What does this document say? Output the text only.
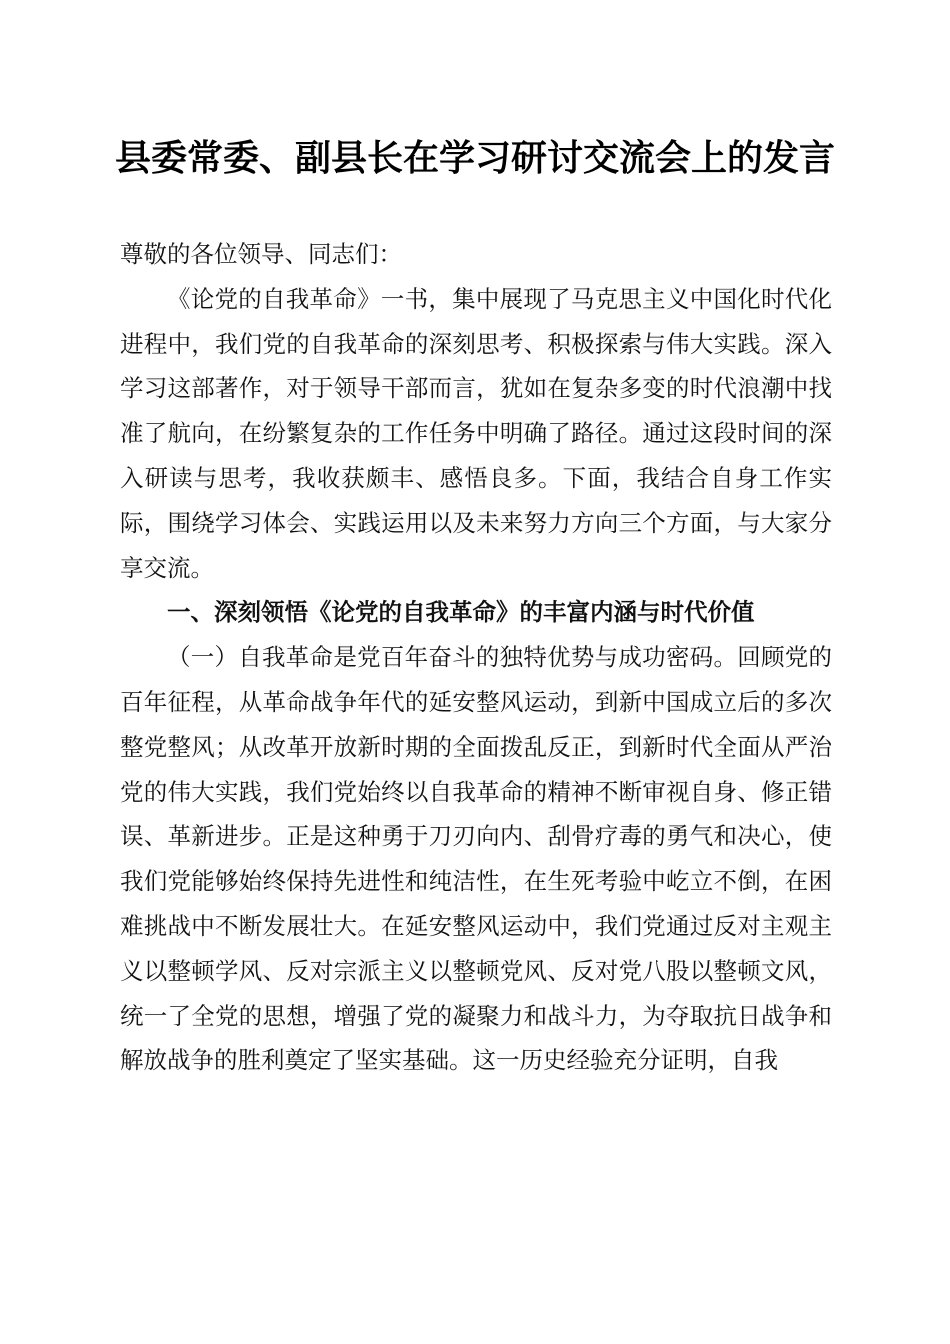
县委常委、副县长在学习研讨交流会上的发言

尊敬的各位领导、同志们：

《论党的自我革命》一书，集中展现了马克思主义中国化时代化进程中，我们党的自我革命的深刻思考、积极探索与伟大实践。深入学习这部著作，对于领导干部而言，犹如在复杂多变的时代浪潮中找准了航向，在纷繁复杂的工作任务中明确了路径。通过这段时间的深入研读与思考，我收获颇丰、感悟良多。下面，我结合自身工作实际，围绕学习体会、实践运用以及未来努力方向三个方面，与大家分享交流。

一、深刻领悟《论党的自我革命》的丰富内涵与时代价值

（一）自我革命是党百年奋斗的独特优势与成功密码。回顾党的百年征程，从革命战争年代的延安整风运动，到新中国成立后的多次整党整风；从改革开放新时期的全面拨乱反正，到新时代全面从严治党的伟大实践，我们党始终以自我革命的精神不断审视自身、修正错误、革新进步。正是这种勇于刀刃向内、刮骨疗毒的勇气和决心，使我们党能够始终保持先进性和纯洁性，在生死考验中屹立不倒，在困难挑战中不断发展壮大。在延安整风运动中，我们党通过反对主观主义以整顿学风、反对宗派主义以整顿党风、反对党八股以整顿文风，统一了全党的思想，增强了党的凝聚力和战斗力，为夺取抗日战争和解放战争的胜利奠定了坚实基础。这一历史经验充分证明，自我
